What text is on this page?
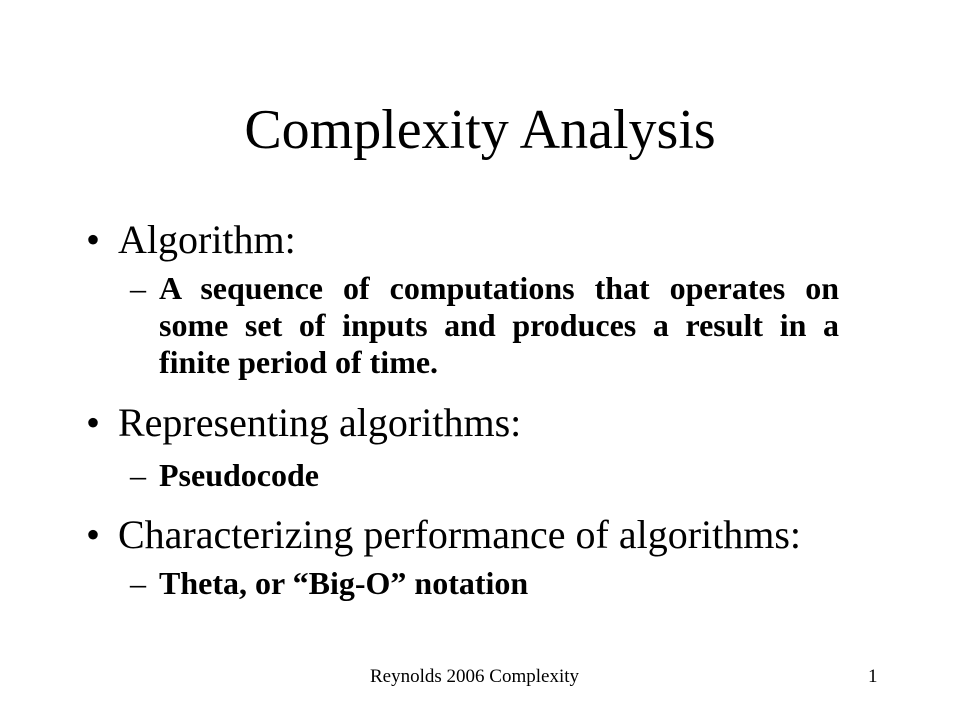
Complexity Analysis
• Algorithm:
– A sequence of computations that operates on some set of inputs and produces a result in a finite period of time.
• Representing algorithms:
– Pseudocode
• Characterizing performance of algorithms:
– Theta, or “Big-O” notation
Reynolds 2006 Complexity	1
